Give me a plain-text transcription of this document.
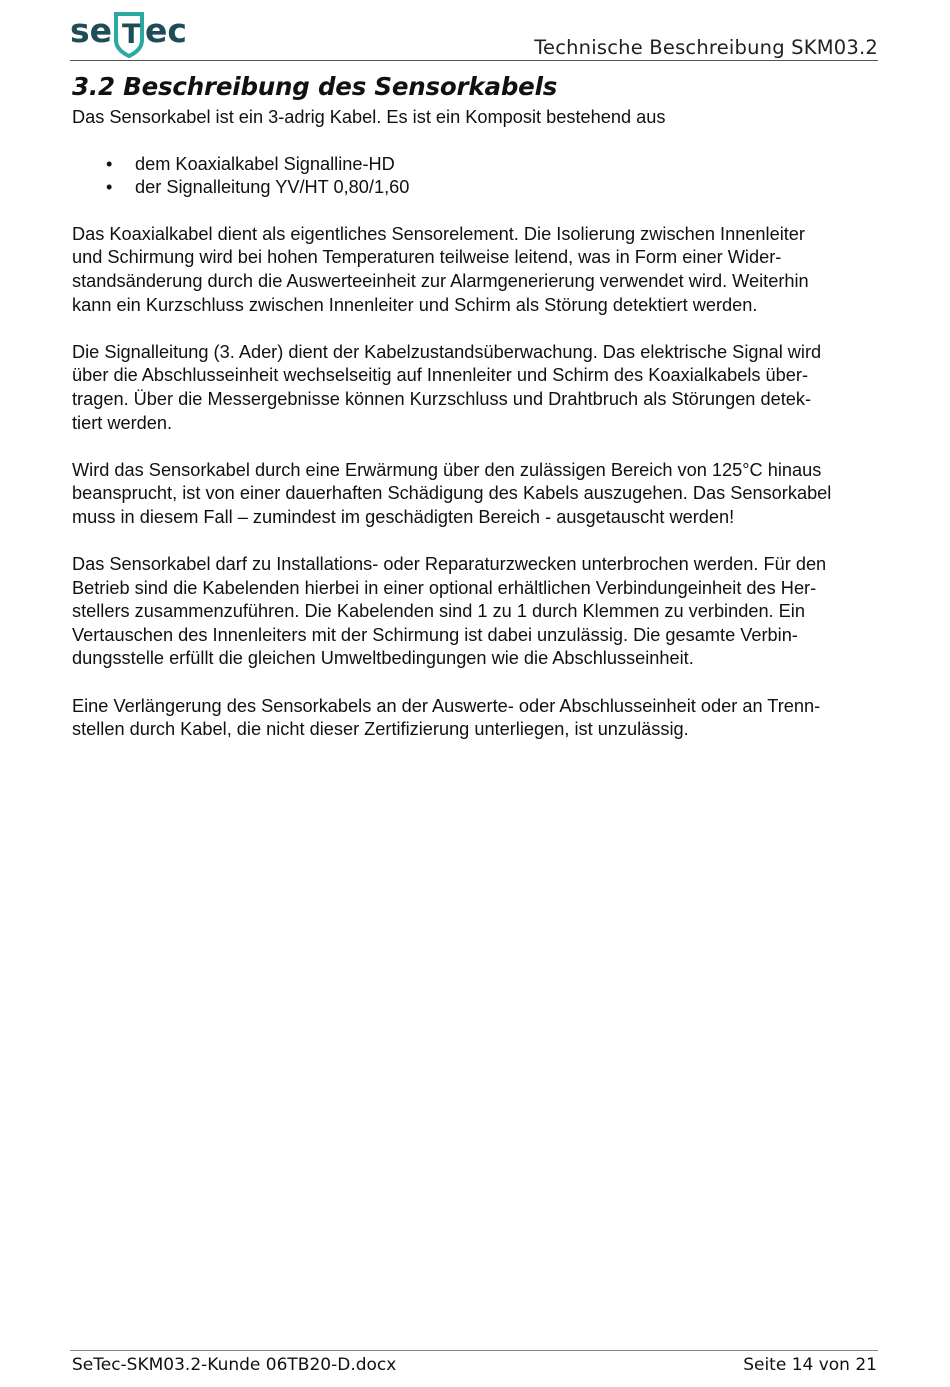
se T ec	Technische Beschreibung SKM03.2
3.2 Beschreibung des Sensorkabels

Das Sensorkabel ist ein 3-adrig Kabel. Es ist ein Komposit bestehend aus

• dem Koaxialkabel Signalline-HD
• der Signalleitung YV/HT 0,80/1,60

Das Koaxialkabel dient als eigentliches Sensorelement. Die Isolierung zwischen Innenleiter
und Schirmung wird bei hohen Temperaturen teilweise leitend, was in Form einer Wider-
standsänderung durch die Auswerteeinheit zur Alarmgenerierung verwendet wird. Weiterhin
kann ein Kurzschluss zwischen Innenleiter und Schirm als Störung detektiert werden.

Die Signalleitung (3. Ader) dient der Kabelzustandsüberwachung. Das elektrische Signal wird
über die Abschlusseinheit wechselseitig auf Innenleiter und Schirm des Koaxialkabels über-
tragen. Über die Messergebnisse können Kurzschluss und Drahtbruch als Störungen detek-
tiert werden.

Wird das Sensorkabel durch eine Erwärmung über den zulässigen Bereich von 125°C hinaus
beansprucht, ist von einer dauerhaften Schädigung des Kabels auszugehen. Das Sensorkabel
muss in diesem Fall – zumindest im geschädigten Bereich - ausgetauscht werden!

Das Sensorkabel darf zu Installations- oder Reparaturzwecken unterbrochen werden. Für den
Betrieb sind die Kabelenden hierbei in einer optional erhältlichen Verbindungeinheit des Her-
stellers zusammenzuführen. Die Kabelenden sind 1 zu 1 durch Klemmen zu verbinden. Ein
Vertauschen des Innenleiters mit der Schirmung ist dabei unzulässig. Die gesamte Verbin-
dungsstelle erfüllt die gleichen Umweltbedingungen wie die Abschlusseinheit.

Eine Verlängerung des Sensorkabels an der Auswerte- oder Abschlusseinheit oder an Trenn-
stellen durch Kabel, die nicht dieser Zertifizierung unterliegen, ist unzulässig.

SeTec-SKM03.2-Kunde 06TB20-D.docx	Seite 14 von 21
